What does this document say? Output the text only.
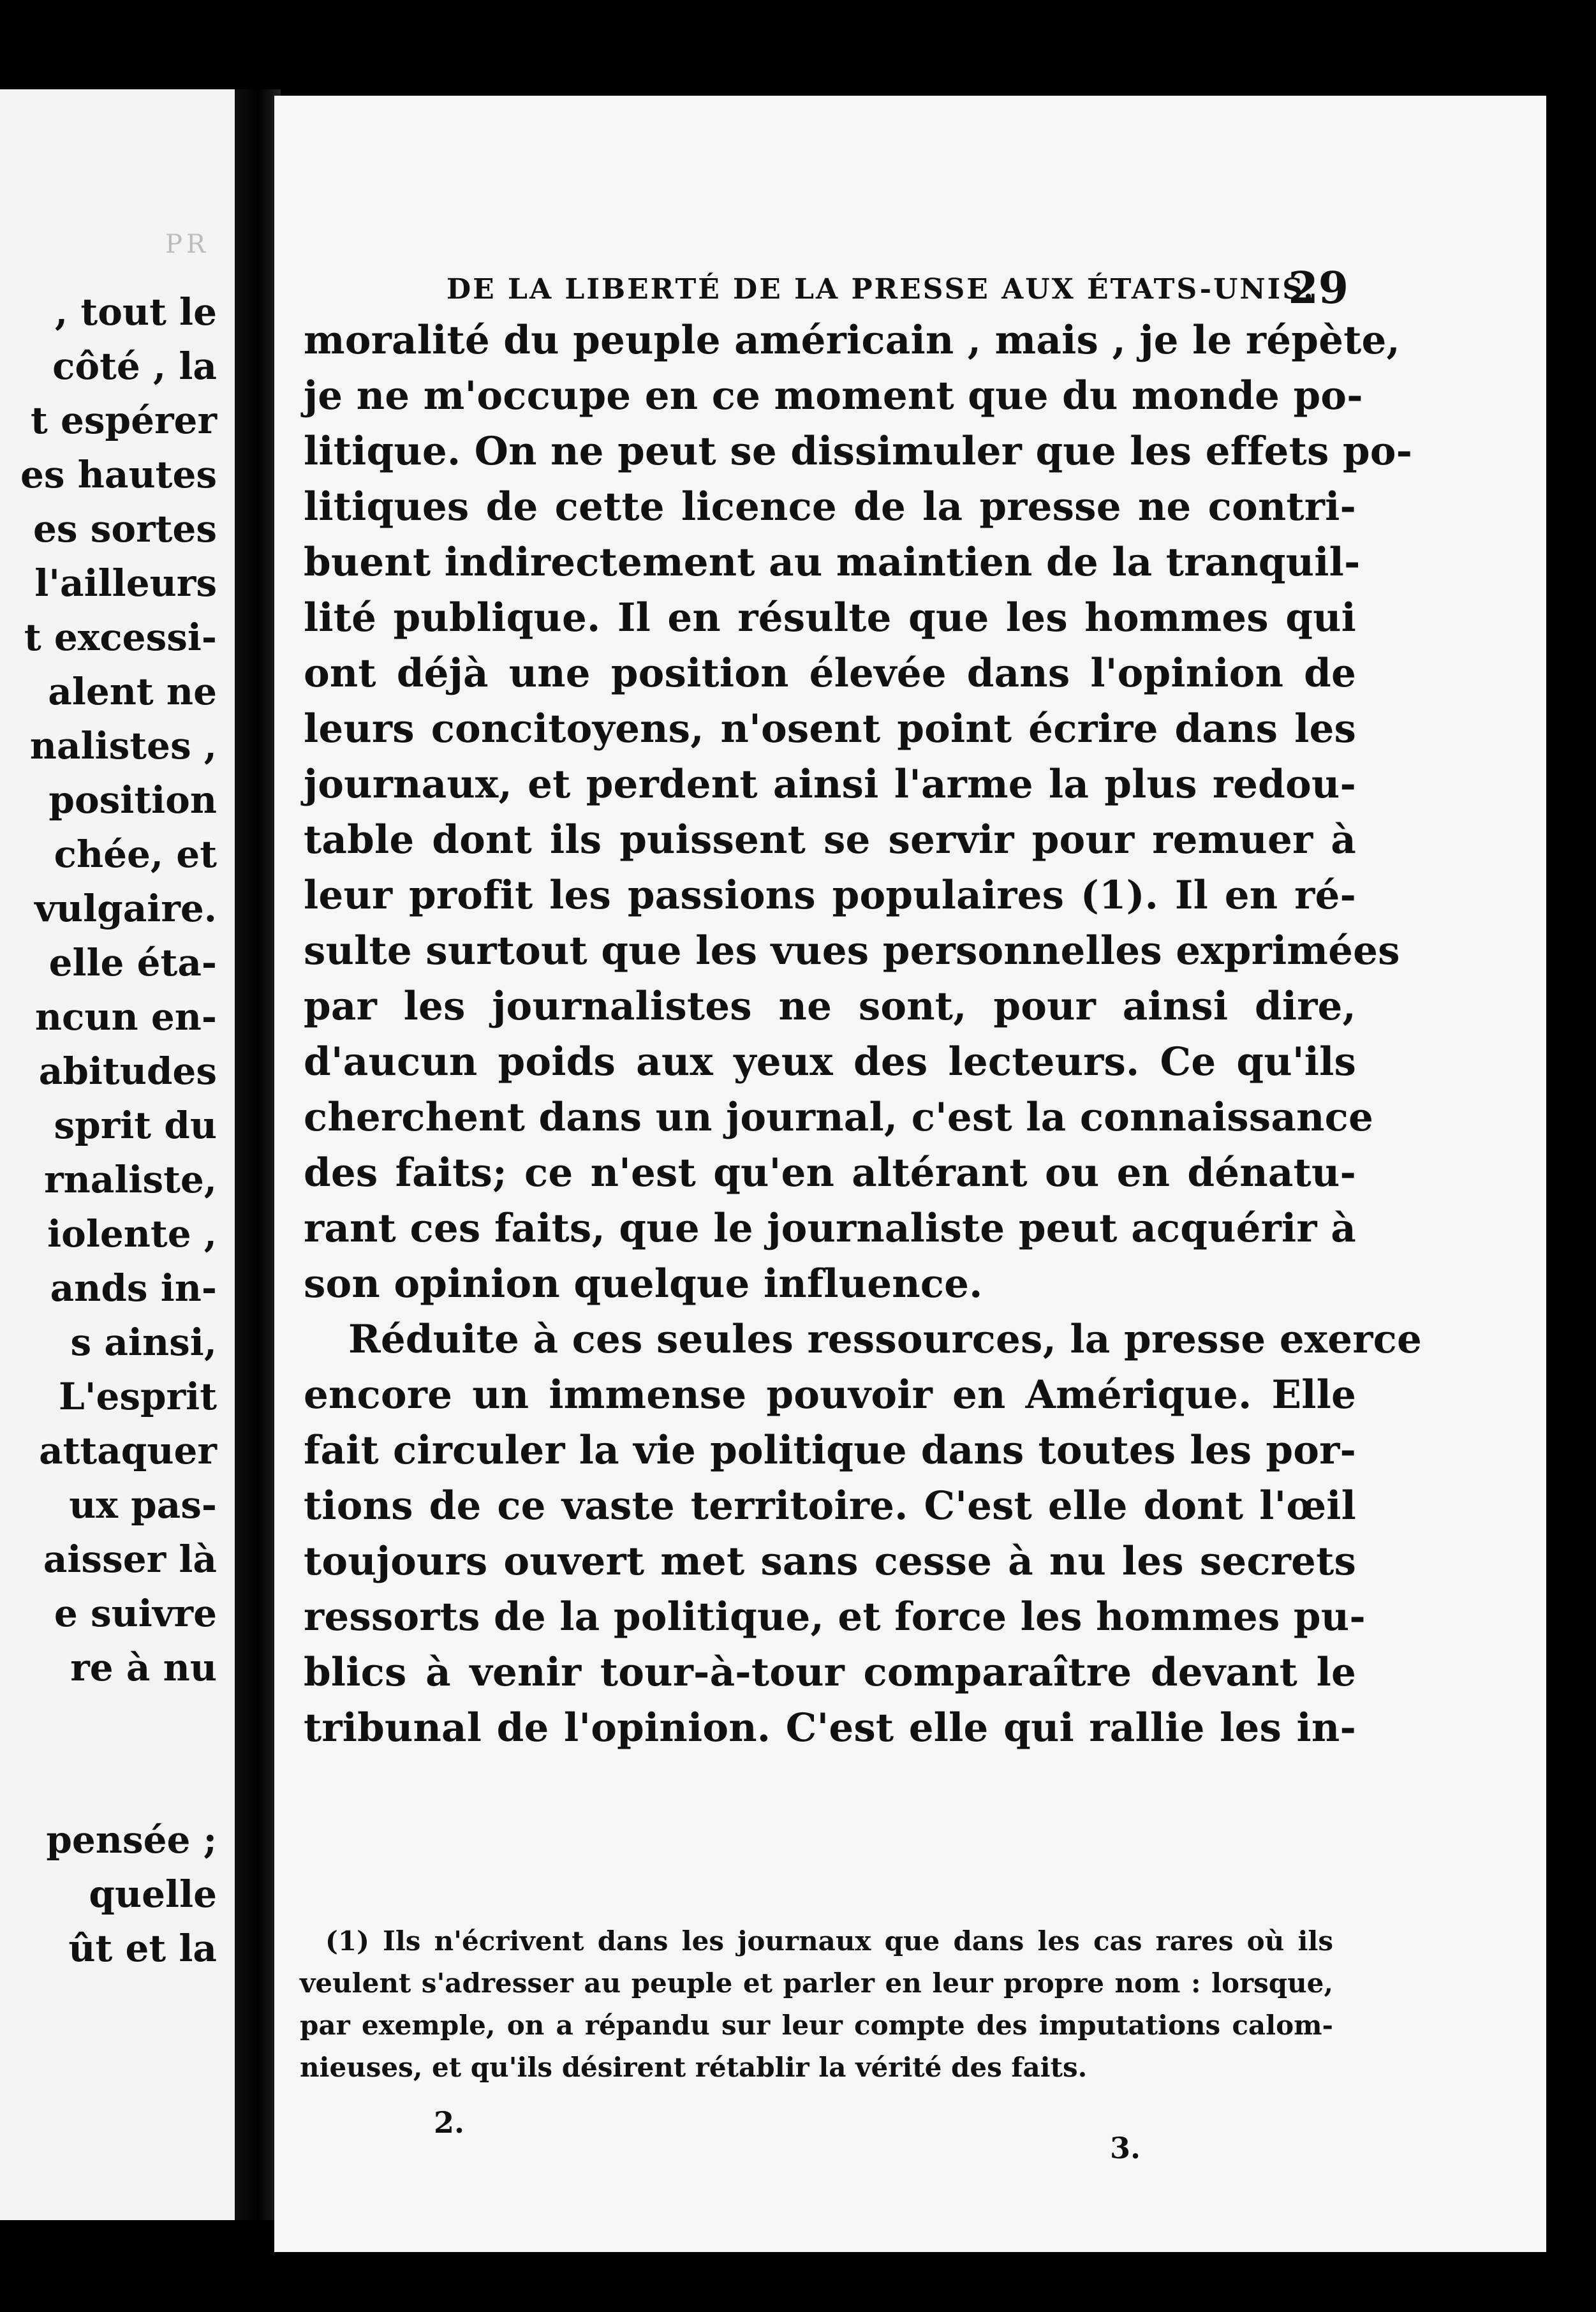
PR
, tout le
côté , la
t espérer
es hautes
es sortes
l'ailleurs
t excessi-
alent ne
nalistes ,
position
chée, et
vulgaire.
elle éta-
ncun en-
abitudes
sprit du
rnaliste,
iolente ,
ands in-
s ainsi,
L'esprit
attaquer
ux pas-
aisser là
e suivre
re à nu
pensée ;
quelle
ût et la
DE LA LIBERTÉ DE LA PRESSE AUX ÉTATS-UNIS.
29
moralité du peuple américain , mais , je le répète,
je ne m'occupe en ce moment que du monde po-
litique. On ne peut se dissimuler que les effets po-
litiques de cette licence de la presse ne contri-
buent indirectement au maintien de la tranquil-
lité publique. Il en résulte que les hommes qui
ont déjà une position élevée dans l'opinion de
leurs concitoyens, n'osent point écrire dans les
journaux, et perdent ainsi l'arme la plus redou-
table dont ils puissent se servir pour remuer à
leur profit les passions populaires (1). Il en ré-
sulte surtout que les vues personnelles exprimées
par les journalistes ne sont, pour ainsi dire,
d'aucun poids aux yeux des lecteurs. Ce qu'ils
cherchent dans un journal, c'est la connaissance
des faits; ce n'est qu'en altérant ou en dénatu-
rant ces faits, que le journaliste peut acquérir à
son opinion quelque influence.
Réduite à ces seules ressources, la presse exerce
encore un immense pouvoir en Amérique. Elle
fait circuler la vie politique dans toutes les por-
tions de ce vaste territoire. C'est elle dont l'œil
toujours ouvert met sans cesse à nu les secrets
ressorts de la politique, et force les hommes pu-
blics à venir tour-à-tour comparaître devant le
tribunal de l'opinion. C'est elle qui rallie les in-
(1) Ils n'écrivent dans les journaux que dans les cas rares où ils
veulent s'adresser au peuple et parler en leur propre nom : lorsque,
par exemple, on a répandu sur leur compte des imputations calom-
nieuses, et qu'ils désirent rétablir la vérité des faits.
2.
3.
